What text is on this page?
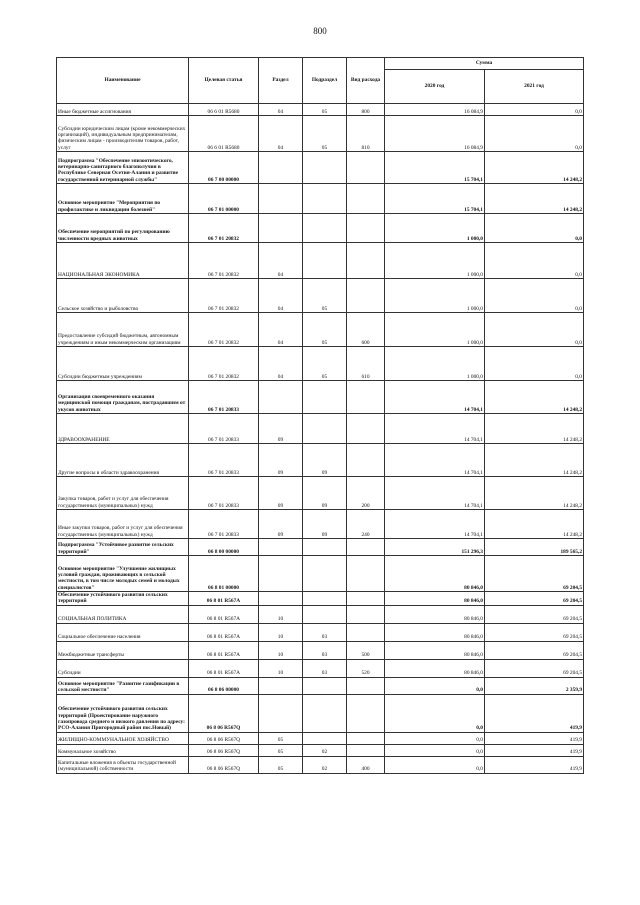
800
Наименование	Целевая статья	Раздел	Подраздел	Вид расхода	Сумма	
					2020 год	2021 год
Иные бюджетные ассигнования	06 6 01 R5680	04	05	800	16 084,9	0,0
Субсидии юридическим лицам (кроме некоммерческих организаций), индивидуальным предпринимателям, физическим лицам - производителям товаров, работ, услуг	06 6 01 R5680	04	05	810	16 084,9	0,0
Подпрограмма "Обеспечение эпизоотического, ветеринарно-санитарного благополучия в Республике Северная Осетия-Алания и развитие государственной ветеринарной службы"	06 7 00 00000				15 704,1	14 248,2
Основное мероприятие "Мероприятия по профилактике и ликвидации болезней"	06 7 01 00000				15 704,1	14 248,2
Обеспечение мероприятий по регулированию численности вредных животных	06 7 01 20832				1 000,0	0,0
НАЦИОНАЛЬНАЯ ЭКОНОМИКА	06 7 01 20832	04			1 000,0	0,0
Сельское хозяйство и рыболовство	06 7 01 20832	04	05		1 000,0	0,0
Предоставление субсидий бюджетным, автономным учреждениям и иным некоммерческим организациям	06 7 01 20832	04	05	600	1 000,0	0,0
Субсидии бюджетным учреждениям	06 7 01 20832	04	05	610	1 000,0	0,0
Организация своевременного оказания медицинской помощи гражданам, пострадавшим от укусов животных	06 7 01 20833				14 704,1	14 248,2
ЗДРАВООХРАНЕНИЕ	06 7 01 20833	09			14 704,1	14 248,2
Другие вопросы в области здравоохранения	06 7 01 20833	09	09		14 704,1	14 248,2
Закупка товаров, работ и услуг для обеспечения государственных (муниципальных) нужд	06 7 01 20833	09	09	200	14 704,1	14 248,2
Иные закупки товаров, работ и услуг для обеспечения государственных (муниципальных) нужд	06 7 01 20833	09	09	240	14 704,1	14 248,2
Подпрограмма "Устойчивое развитие сельских территорий"	06 8 00 00000				151 296,3	189 565,2
Основное мероприятие "Улучшение жилищных условий граждан, проживающих в сельской местности, в том числе молодых семей и молодых специалистов"	06 8 01 00000				80 846,0	69 204,5
Обеспечение устойчивого развития сельских территорий	06 8 01 R567A				80 846,0	69 204,5
СОЦИАЛЬНАЯ ПОЛИТИКА	06 8 01 R567A	10			80 846,0	69 204,5
Социальное обеспечение населения	06 8 01 R567A	10	03		80 846,0	69 204,5
Межбюджетные трансферты	06 8 01 R567A	10	03	500	80 846,0	69 204,5
Субсидии	06 8 01 R567A	10	03	520	80 846,0	69 204,5
Основное мероприятие "Развитие газификации в сельской местности"	06 8 06 00000				0,0	2 359,9
Обеспечение устойчивого развития сельских территорий (Проектирование наружного газопровода среднего и низкого давления по адресу: РСО-Алания Пригородный район пос.Новый)	06 8 06 R567Q				0,0	419,9
ЖИЛИЩНО-КОММУНАЛЬНОЕ ХОЗЯЙСТВО	06 8 06 R567Q	05			0,0	419,9
Коммунальное хозяйство	06 8 06 R567Q	05	02		0,0	419,9
Капитальные вложения в объекты государственной (муниципальной) собственности	06 8 06 R567Q	05	02	400	0,0	419,9
